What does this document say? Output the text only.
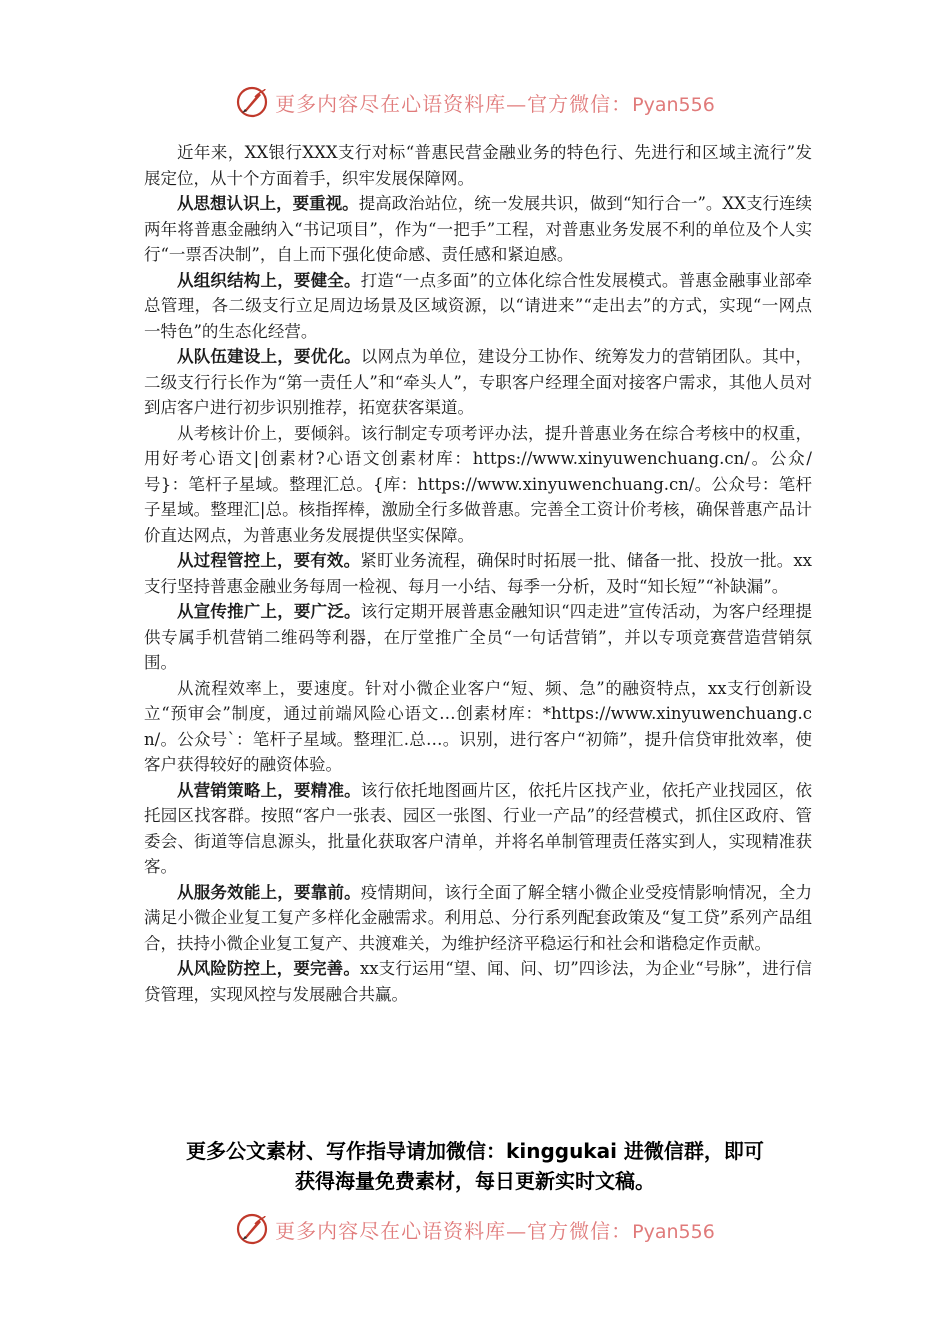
更多内容尽在心语资料库—官方微信：Pyan556

近年来，XX银行XXX支行对标“普惠民营金融业务的特色行、先进行和区域主流行”发展定位，从十个方面着手，织牢发展保障网。

从思想认识上，要重视。提高政治站位，统一发展共识，做到“知行合一”。XX支行连续两年将普惠金融纳入“书记项目”，作为“一把手”工程，对普惠业务发展不利的单位及个人实行“一票否决制”，自上而下强化使命感、责任感和紧迫感。

从组织结构上，要健全。打造“一点多面”的立体化综合性发展模式。普惠金融事业部牵总管理，各二级支行立足周边场景及区域资源，以“请进来”“走出去”的方式，实现“一网点一特色”的生态化经营。

从队伍建设上，要优化。以网点为单位，建设分工协作、统筹发力的营销团队。其中，二级支行行长作为“第一责任人”和“牵头人”，专职客户经理全面对接客户需求，其他人员对到店客户进行初步识别推荐，拓宽获客渠道。

从考核计价上，要倾斜。该行制定专项考评办法，提升普惠业务在综合考核中的权重，用好考心语文|创素材?心语文创素材库：https://www.xinyuwenchuang.cn/。公众/号}：笔杆子星域。整理汇总。{库：https://www.xinyuwenchuang.cn/。公众号：笔杆子星域。整理汇|总。核指挥棒，激励全行多做普惠。完善全工资计价考核，确保普惠产品计价直达网点，为普惠业务发展提供坚实保障。

从过程管控上，要有效。紧盯业务流程，确保时时拓展一批、储备一批、投放一批。xx支行坚持普惠金融业务每周一检视、每月一小结、每季一分析，及时“知长短”“补缺漏”。

从宣传推广上，要广泛。该行定期开展普惠金融知识“四走进”宣传活动，为客户经理提供专属手机营销二维码等利器，在厅堂推广全员“一句话营销”，并以专项竞赛营造营销氛围。

从流程效率上，要速度。针对小微企业客户“短、频、急”的融资特点，xx支行创新设立“预审会”制度，通过前端风险心语文…创素材库：*https://www.xinyuwenchuang.cn/。公众号`：笔杆子星域。整理汇.总…。识别，进行客户“初筛”，提升信贷审批效率，使客户获得较好的融资体验。

从营销策略上，要精准。该行依托地图画片区，依托片区找产业，依托产业找园区，依托园区找客群。按照“客户一张表、园区一张图、行业一产品”的经营模式，抓住区政府、管委会、街道等信息源头，批量化获取客户清单，并将名单制管理责任落实到人，实现精准获客。

从服务效能上，要靠前。疫情期间，该行全面了解全辖小微企业受疫情影响情况，全力满足小微企业复工复产多样化金融需求。利用总、分行系列配套政策及“复工贷”系列产品组合，扶持小微企业复工复产、共渡难关，为维护经济平稳运行和社会和谐稳定作贡献。

从风险防控上，要完善。xx支行运用“望、闻、问、切”四诊法，为企业“号脉”，进行信贷管理，实现风控与发展融合共赢。

更多公文素材、写作指导请加微信：kinggukai 进微信群，即可
获得海量免费素材，每日更新实时文稿。
更多内容尽在心语资料库—官方微信：Pyan556
